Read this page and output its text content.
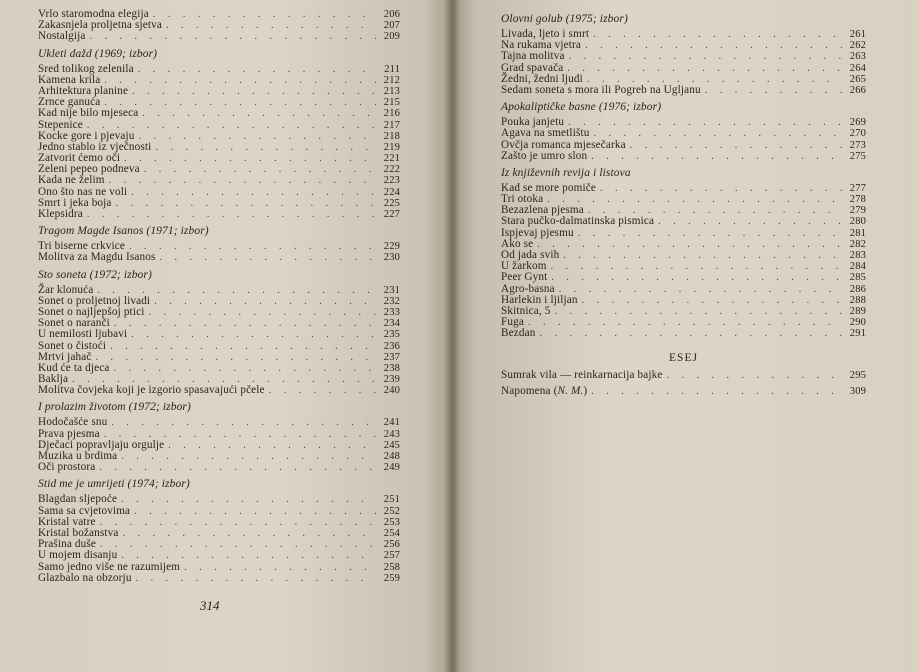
Vrlo staromodna elegija . . .	206
Zakasnjela proljetna sjetva . . .	207
Nostalgija . . .	209
Ukleti dažd (1969; izbor)
Sred tolikog zelenila . . .	211
Kamena krila . . .	212
Arhitektura planine . . .	213
Zrnce ganuća . . .	215
Kad nije bilo mjeseca . . .	216
Stepenice . . .	217
Kocke gore i pjevaju . . .	218
Jedno stablo iz vječnosti . . .	219
Zatvorit ćemo oči . . .	221
Zeleni pepeo podneva . . .	222
Kada ne želim . . .	223
Ono što nas ne voli . . .	224
Smrt i jeka boja . . .	225
Klepsidra . . .	227
Tragom Magde Isanos (1971; izbor)
Tri biserne crkvice . . .	229
Molitva za Magdu Isanos . . .	230
Sto soneta (1972; izbor)
Žar klonuća . . .	231
Sonet o proljetnoj livadi . . .	232
Sonet o najljepšoj ptici . . .	233
Sonet o naranči . . .	234
U nemilosti ljubavi . . .	235
Sonet o čistoći . . .	236
Mrtvi jahač . . .	237
Kud će ta djeca . . .	238
Baklja . . .	239
Molitva čovjeka koji je izgorio spasavajući pčele . . .	240
I prolazim životom (1972; izbor)
Hodočašće snu . . .	241
Prava pjesma . . .	243
Dječaci popravljaju orgulje . . .	245
Muzika u brdima . . .	248
Oči prostora . . .	249
Stid me je umrijeti (1974; izbor)
Blagdan sljepoće . . .	251
Sama sa cvjetovima . . .	252
Kristal vatre . . .	253
Kristal božanstva . . .	254
Prašina duše . . .	256
U mojem disanju . . .	257
Samo jedno više ne razumijem . . .	258
Glazbalo na obzorju . . .	259
314
Olovni golub (1975; izbor)
Livada, ljeto i smrt . . .	261
Na rukama vjetra . . .	262
Tajna molitva . . .	263
Grad spavača . . .	264
Žedni, žedni ljudi . . .	265
Sedam soneta s mora ili Pogreb na Ugljanu . . .	266
Apokaliptičke basne (1976; izbor)
Pouka janjetu . . .	269
Agava na smetlištu . . .	270
Ovčja romanca mjesečarka . . .	273
Zašto je umro slon . . .	275
Iz književnih revija i listova
Kad se more pomiče . . .	277
Tri otoka . . .	278
Bezazlena pjesma . . .	279
Stara pučko-dalmatinska pismica . . .	280
Ispjevaj pjesmu . . .	281
Ako se . . .	282
Od jada svih . . .	283
U žarkom . . .	284
Peer Gynt . . .	285
Agro-basna . . .	286
Harlekin i ljiljan . . .	288
Skitnica, 5 . . .	289
Fuga . . .	290
Bezdan . . .	291
ESEJ
Sumrak vila — reinkarnacija bajke . . .	295
Napomena (N. M.) . . .	309
